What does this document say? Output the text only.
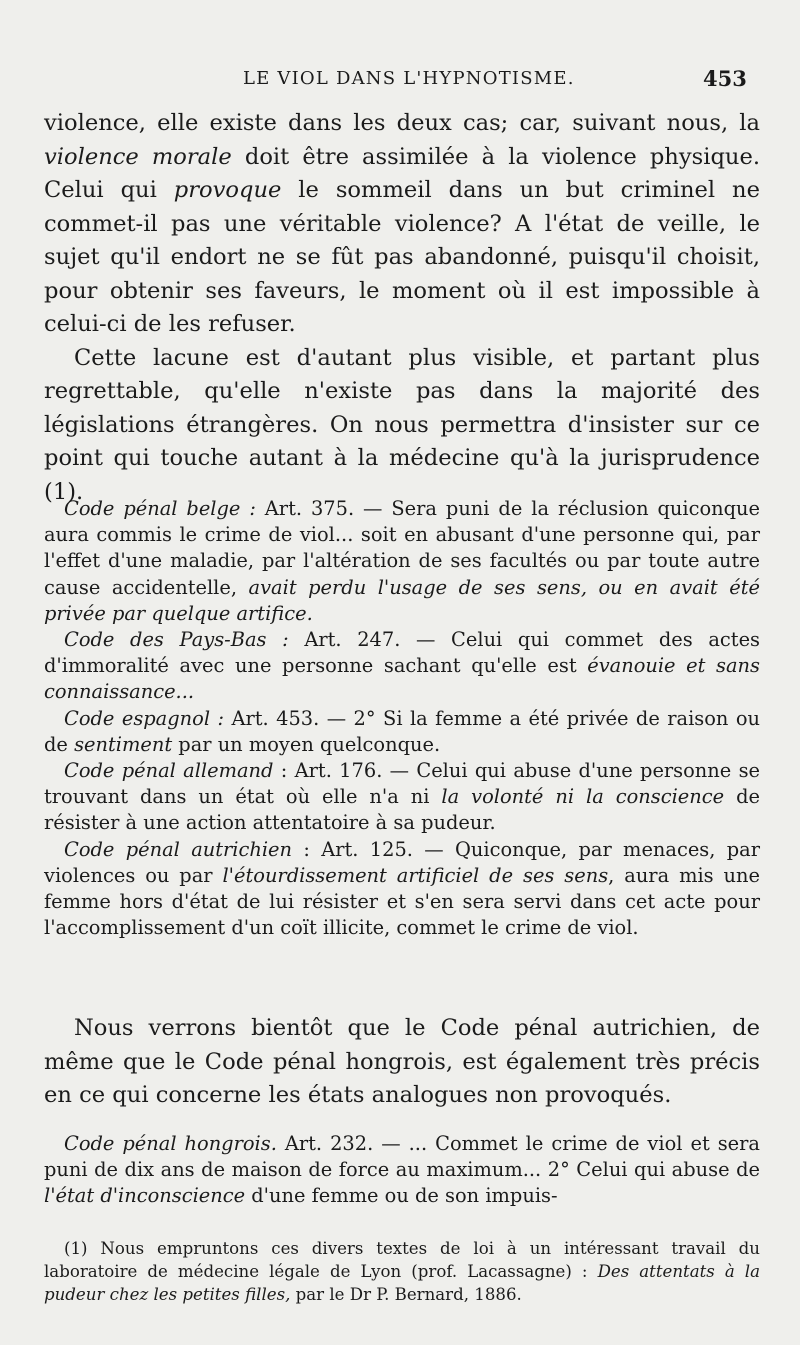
LE VIOL DANS L'HYPNOTISME.	453

violence, elle existe dans les deux cas; car, suivant nous, la violence morale doit être assimilée à la violence physique. Celui qui provoque le sommeil dans un but criminel ne commet-il pas une véritable violence? A l'état de veille, le sujet qu'il endort ne se fût pas abandonné, puisqu'il choisit, pour obtenir ses faveurs, le moment où il est impossible à celui-ci de les refuser.

Cette lacune est d'autant plus visible, et partant plus regrettable, qu'elle n'existe pas dans la majorité des législations étrangères. On nous permettra d'insister sur ce point qui touche autant à la médecine qu'à la jurisprudence (1).

Code pénal belge : Art. 375. — Sera puni de la réclusion quiconque aura commis le crime de viol... soit en abusant d'une personne qui, par l'effet d'une maladie, par l'altération de ses facultés ou par toute autre cause accidentelle, avait perdu l'usage de ses sens, ou en avait été privée par quelque artifice.

Code des Pays-Bas : Art. 247. — Celui qui commet des actes d'immoralité avec une personne sachant qu'elle est évanouie et sans connaissance...

Code espagnol : Art. 453. — 2° Si la femme a été privée de raison ou de sentiment par un moyen quelconque.

Code pénal allemand : Art. 176. — Celui qui abuse d'une personne se trouvant dans un état où elle n'a ni la volonté ni la conscience de résister à une action attentatoire à sa pudeur.

Code pénal autrichien : Art. 125. — Quiconque, par menaces, par violences ou par l'étourdissement artificiel de ses sens, aura mis une femme hors d'état de lui résister et s'en sera servi dans cet acte pour l'accomplissement d'un coït illicite, commet le crime de viol.

Nous verrons bientôt que le Code pénal autrichien, de même que le Code pénal hongrois, est également très précis en ce qui concerne les états analogues non provoqués.

Code pénal hongrois. Art. 232. — ... Commet le crime de viol et sera puni de dix ans de maison de force au maximum... 2° Celui qui abuse de l'état d'inconscience d'une femme ou de son impuis-

(1) Nous empruntons ces divers textes de loi à un intéressant travail du laboratoire de médecine légale de Lyon (prof. Lacassagne) : Des attentats à la pudeur chez les petites filles, par le Dr P. Bernard, 1886.
